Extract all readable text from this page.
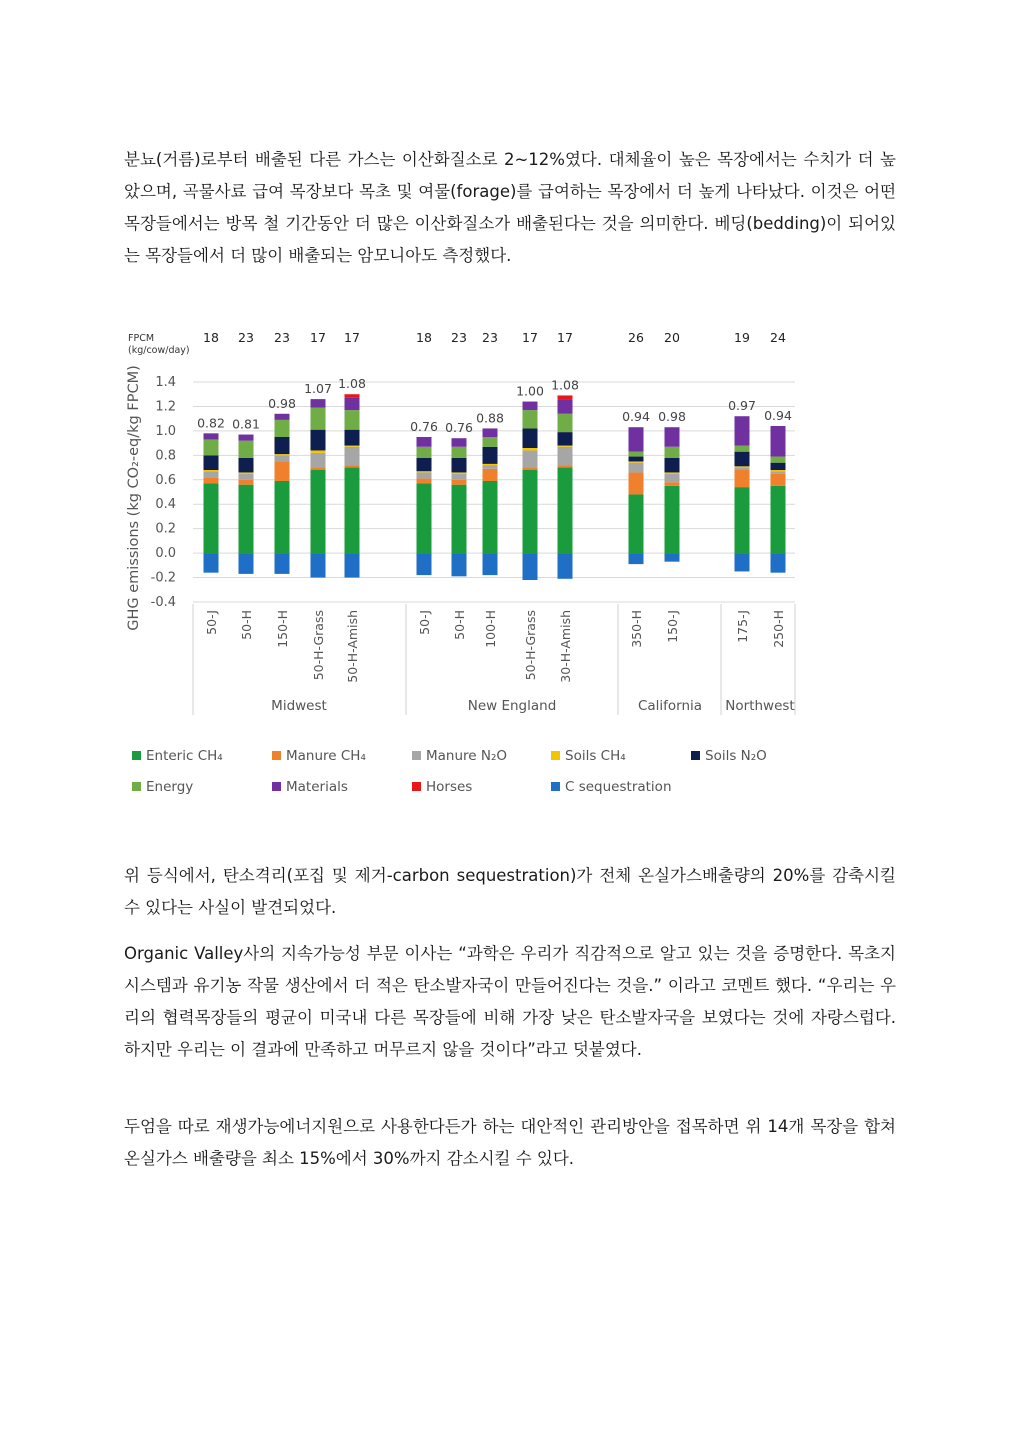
분뇨(거름)로부터 배출된 다른 가스는 이산화질소로 2~12%였다. 대체율이 높은 목장에서는 수치가 더 높았으며, 곡물사료 급여 목장보다 목초 및 여물(forage)를 급여하는 목장에서 더 높게 나타났다. 이것은 어떤 목장들에서는 방목 철 기간동안 더 많은 이산화질소가 배출된다는 것을 의미한다. 베딩(bedding)이 되어있는 목장들에서 더 많이 배출되는 암모니아도 측정했다.

1.4
1.2
1.0
0.8
0.6
0.4
0.2
0.0
-0.2
-0.4
GHG emissions (kg CO₂-eq/kg FPCM)
FPCM
(kg/cow/day)
Midwest	New England	California Northwest
0.82
18
50-J
0.81
23
50-H
0.98
23
150-H
1.07
17
50-H-Grass
1.08
17
50-H-Amish
0.76
18
50-J
0.76
23
50-H
0.88
23
100-H
1.00
17
50-H-Grass
1.08
17
30-H-Amish
0.94
26
350-H
0.98
20
150-J
0.97
19
175-J
0.94
24
250-H
Enteric CH₄	Manure CH₄	Manure N₂O	Soils CH₄	Soils N₂O
Energy	Materials	Horses	C sequestration

위 등식에서, 탄소격리(포집 및 제거-carbon sequestration)가 전체 온실가스배출량의 20%를 감축시킬 수 있다는 사실이 발견되었다.

Organic Valley사의 지속가능성 부문 이사는 “과학은 우리가 직감적으로 알고 있는 것을 증명한다. 목초지 시스템과 유기농 작물 생산에서 더 적은 탄소발자국이 만들어진다는 것을.” 이라고 코멘트 했다. “우리는 우리의 협력목장들의 평균이 미국내 다른 목장들에 비해 가장 낮은 탄소발자국을 보였다는 것에 자랑스럽다. 하지만 우리는 이 결과에 만족하고 머무르지 않을 것이다”라고 덧붙였다.

두엄을 따로 재생가능에너지원으로 사용한다든가 하는 대안적인 관리방안을 접목하면 위 14개 목장을 합쳐 온실가스 배출량을 최소 15%에서 30%까지 감소시킬 수 있다.
